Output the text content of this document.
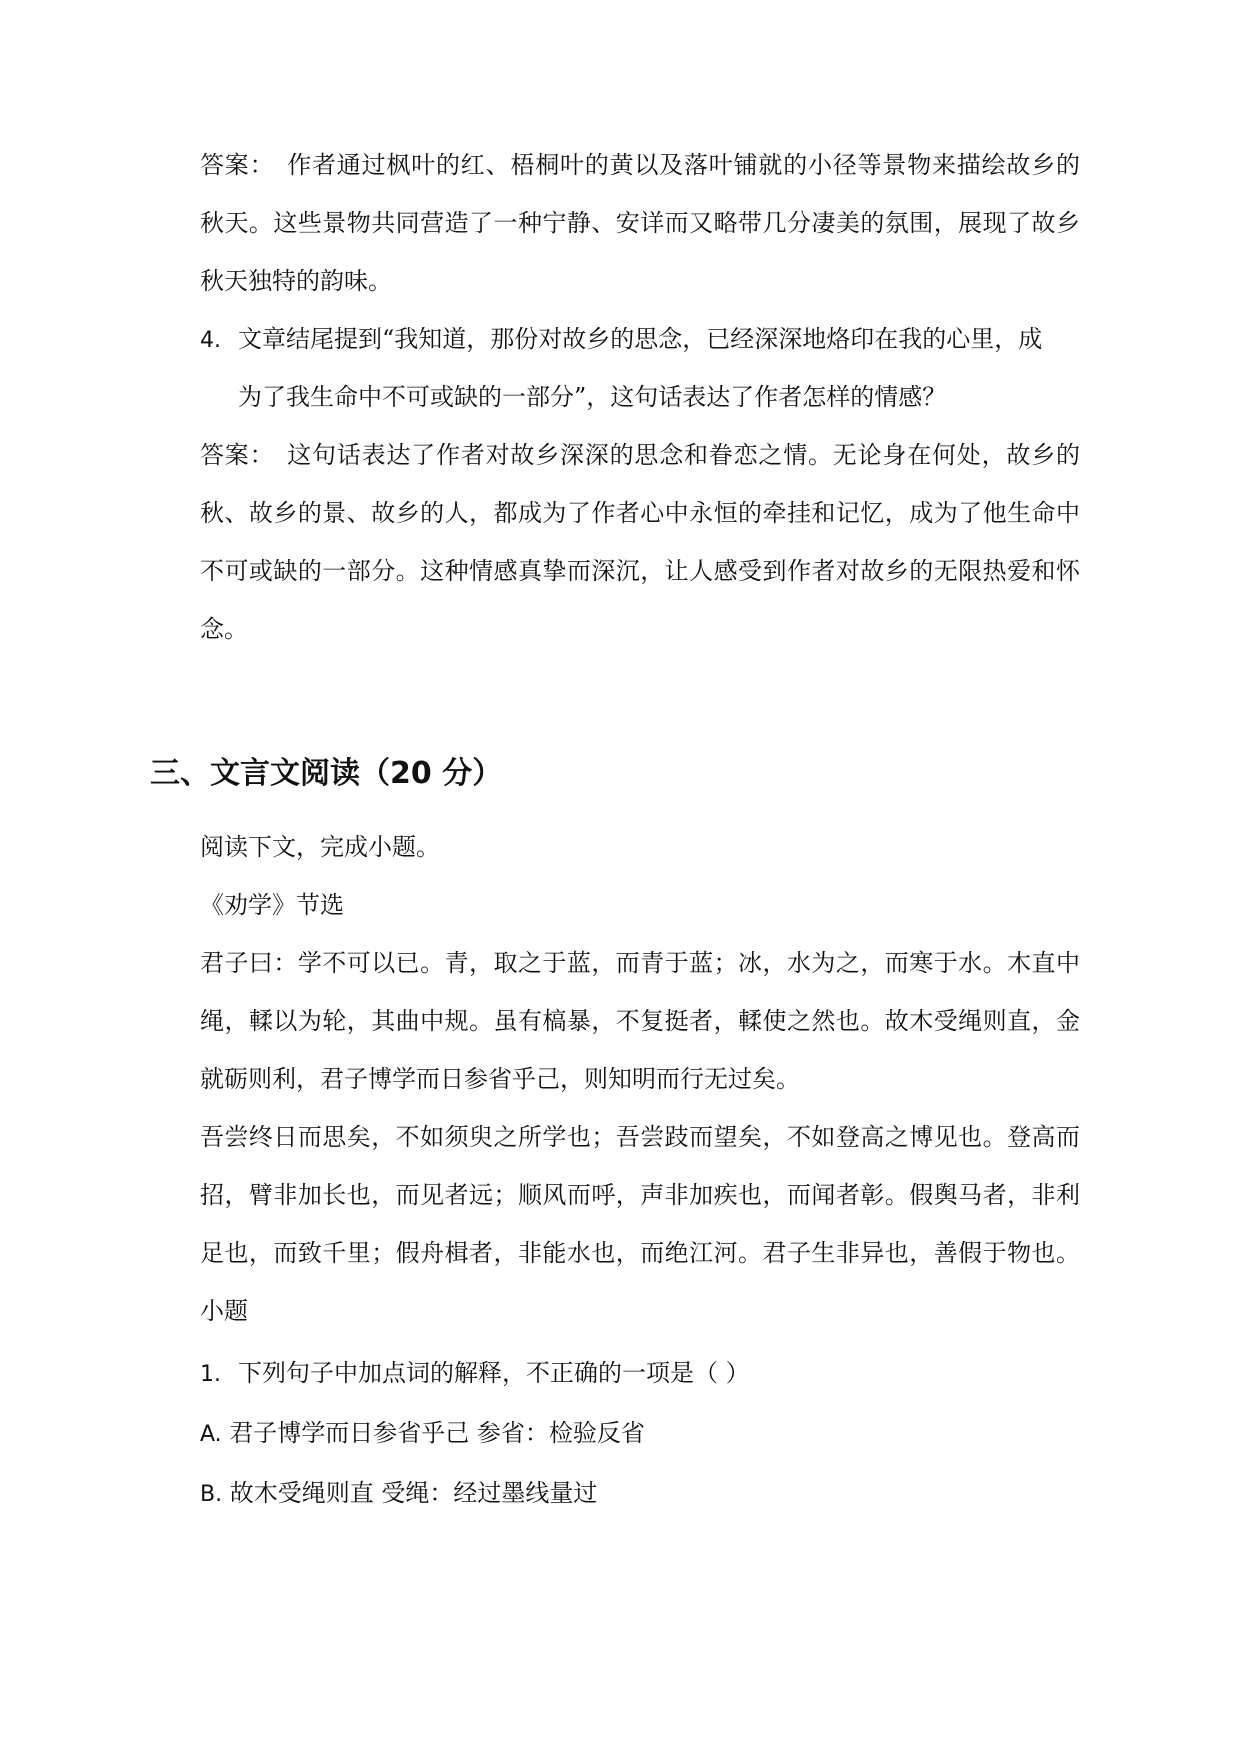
答案：　作者通过枫叶的红、梧桐叶的黄以及落叶铺就的小径等景物来描绘故乡的
秋天。这些景物共同营造了一种宁静、安详而又略带几分凄美的氛围，展现了故乡
秋天独特的韵味。
4. 文章结尾提到“我知道，那份对故乡的思念，已经深深地烙印在我的心里，成
为了我生命中不可或缺的一部分”，这句话表达了作者怎样的情感？
答案：　这句话表达了作者对故乡深深的思念和眷恋之情。无论身在何处，故乡的
秋、故乡的景、故乡的人，都成为了作者心中永恒的牵挂和记忆，成为了他生命中
不可或缺的一部分。这种情感真挚而深沉，让人感受到作者对故乡的无限热爱和怀
念。
三、文言文阅读（20 分）
阅读下文，完成小题。
《劝学》节选
君子曰：学不可以已。青，取之于蓝，而青于蓝；冰，水为之，而寒于水。木直中
绳，輮以为轮，其曲中规。虽有槁暴，不复挺者，輮使之然也。故木受绳则直，金
就砺则利，君子博学而日参省乎己，则知明而行无过矣。
吾尝终日而思矣，不如须臾之所学也；吾尝跂而望矣，不如登高之博见也。登高而
招，臂非加长也，而见者远；顺风而呼，声非加疾也，而闻者彰。假舆马者，非利
足也，而致千里；假舟楫者，非能水也，而绝江河。君子生非异也，善假于物也。
小题
1. 下列句子中加点词的解释，不正确的一项是（ ）
A. 君子博学而日参省乎己 参省：检验反省
B. 故木受绳则直 受绳：经过墨线量过
